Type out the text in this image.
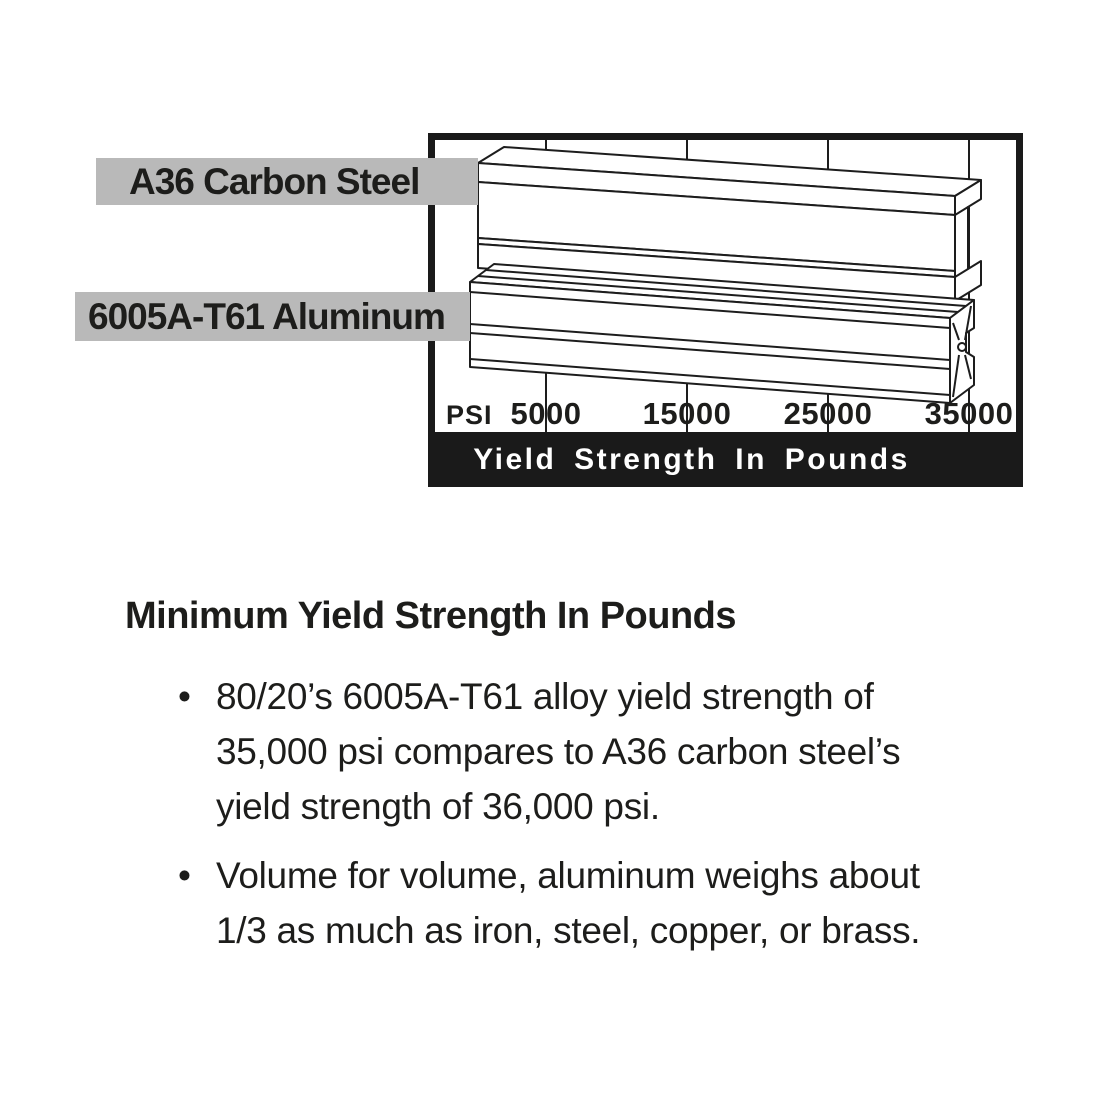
PSI 5000 15000 25000 35000
Yield Strength In Pounds
A36 Carbon Steel
6005A-T61 Aluminum
Minimum Yield Strength In Pounds
• 80/20’s 6005A-T61 alloy yield strength of
35,000 psi compares to A36 carbon steel’s
yield strength of 36,000 psi.
• Volume for volume, aluminum weighs about
1/3 as much as iron, steel, copper, or brass.
